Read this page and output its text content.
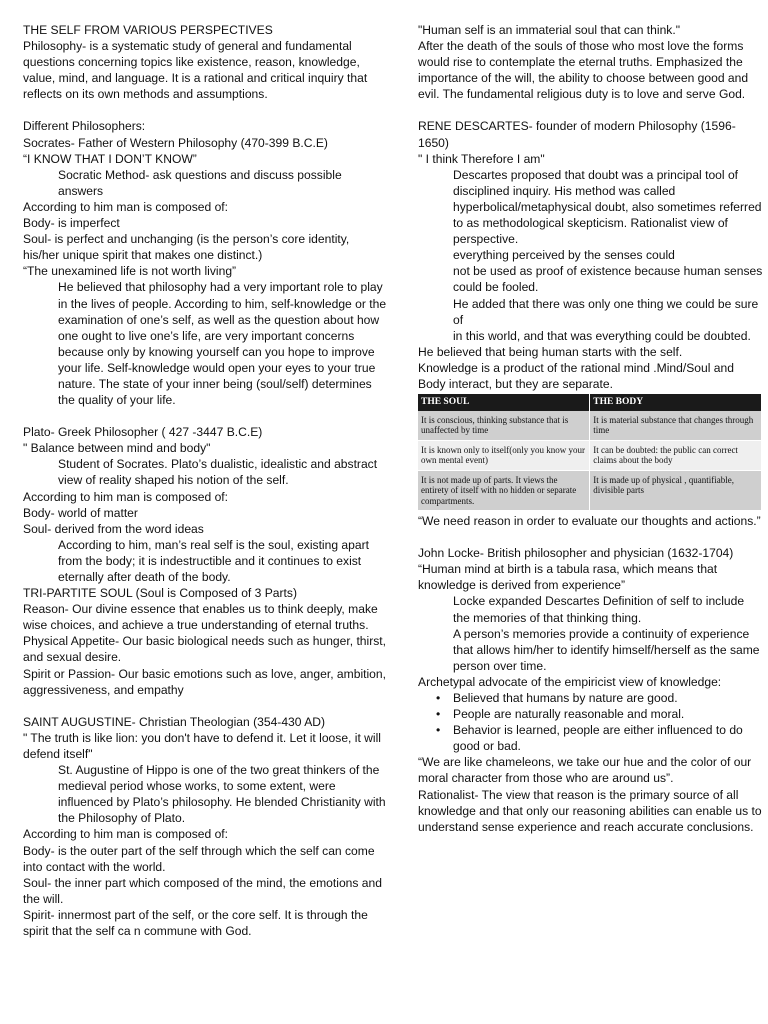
THE SELF FROM VARIOUS PERSPECTIVES
Philosophy- is a systematic study of general and fundamental questions concerning topics like existence, reason, knowledge, value, mind, and language. It is a rational and critical inquiry that reflects on its own methods and assumptions.
Different Philosophers:
Socrates- Father of Western Philosophy (470-399 B.C.E)
“I KNOW THAT I DON’T KNOW”
Socratic Method- ask questions and discuss possible answers
According to him man is composed of:
Body- is imperfect
Soul- is perfect and unchanging (is the person’s core identity, his/her unique spirit that makes one distinct.)
“The unexamined life is not worth living”
He believed that philosophy had a very important role to play in the lives of people. According to him, self-knowledge or the examination of one’s self, as well as the question about how one ought to live one’s life, are very important concerns because only by knowing yourself can you hope to improve your life. Self-knowledge would open your eyes to your true nature. The state of your inner being (soul/self) determines the quality of your life.
Plato- Greek Philosopher ( 427 -3447 B.C.E)
" Balance between mind and body"
Student of Socrates. Plato’s dualistic, idealistic and abstract view of reality shaped his notion of the self.
According to him man is composed of:
Body- world of matter
Soul- derived from the word ideas
According to him, man’s real self is the soul, existing apart from the body; it is indestructible and it continues to exist eternally after death of the body.
TRI-PARTITE SOUL (Soul is Composed of 3 Parts)
Reason- Our divine essence that enables us to think deeply, make wise choices, and achieve a true understanding of eternal truths.
Physical Appetite- Our basic biological needs such as hunger, thirst, and sexual desire.
Spirit or Passion- Our basic emotions such as love, anger, ambition,
aggressiveness, and empathy
SAINT AUGUSTINE- Christian Theologian (354-430 AD)
" The truth is like lion: you don't have to defend it. Let it loose, it will defend itself"
St. Augustine of Hippo is one of the two great thinkers of the medieval period whose works, to some extent, were influenced by Plato’s philosophy. He blended Christianity with the Philosophy of Plato.
According to him man is composed of:
Body- is the outer part of the self through which the self can come into contact with the world.
Soul- the inner part which composed of the mind, the emotions and the will.
Spirit- innermost part of the self, or the core self. It is through the spirit that the self ca n commune with God.
"Human self is an immaterial soul that can think."
After the death of the souls of those who most love the forms would rise to contemplate the eternal truths. Emphasized the importance of the will, the ability to choose between good and evil. The fundamental religious duty is to love and serve God.
RENE DESCARTES- founder of modern Philosophy (1596-1650)
" I think Therefore I am"
Descartes proposed that doubt was a principal tool of disciplined inquiry. His method was called hyperbolical/metaphysical doubt, also sometimes referred to as methodological skepticism. Rationalist view of perspective.
everything perceived by the senses could
not be used as proof of existence because human senses could be fooled.
He added that there was only one thing we could be sure of
in this world, and that was everything could be doubted.
He believed that being human starts with the self.
Knowledge is a product of the rational mind .Mind/Soul and Body interact, but they are separate.
THE SOUL	THE BODY
It is conscious, thinking substance that is unaffected by time	It is material substance that changes through time
It is known only to itself(only you know your own mental event)	It can be doubted: the public can correct claims about the body
It is not made up of parts. It views the entirety of itself with no hidden or separate compartments.	It is made up of physical , quantifiable, divisible parts
“We need reason in order to evaluate our thoughts and actions.”
John Locke- British philosopher and physician (1632-1704)
“Human mind at birth is a tabula rasa, which means that knowledge is derived from experience”
Locke expanded Descartes Definition of self to include the memories of that thinking thing.
A person’s memories provide a continuity of experience that allows him/her to identify himself/herself as the same person over time.
Archetypal advocate of the empiricist view of knowledge:
• Believed that humans by nature are good.
• People are naturally reasonable and moral.
• Behavior is learned, people are either influenced to do good or bad.
“We are like chameleons, we take our hue and the color of our moral character from those who are around us”.
Rationalist- The view that reason is the primary source of all knowledge and that only our reasoning abilities can enable us to understand sense experience and reach accurate conclusions.
